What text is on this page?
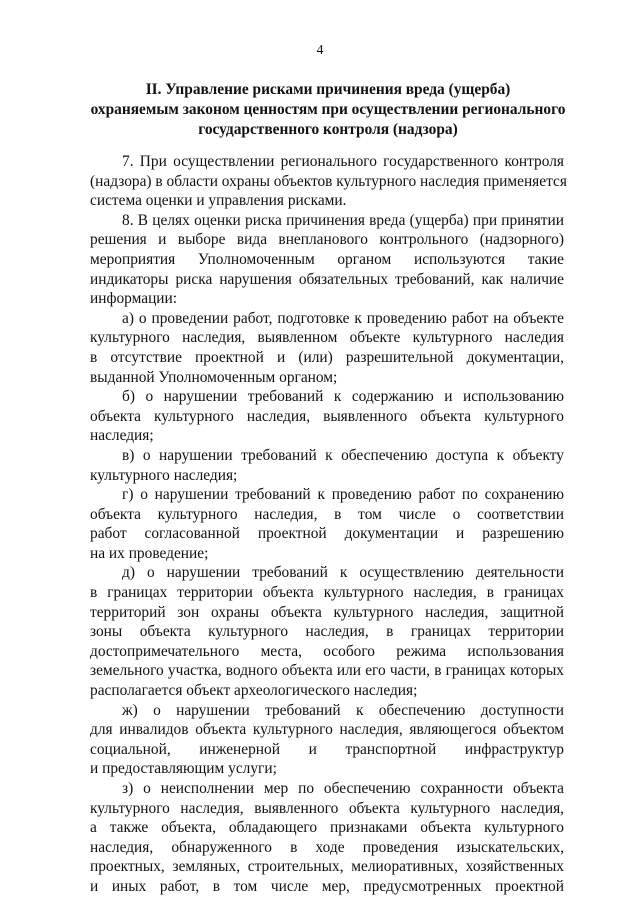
4
II. Управление рисками причинения вреда (ущерба)
охраняемым законом ценностям при осуществлении регионального
государственного контроля (надзора)

7. При осуществлении регионального государственного контроля
(надзора) в области охраны объектов культурного наследия применяется
система оценки и управления рисками.

8. В целях оценки риска причинения вреда (ущерба) при принятии
решения и выборе вида внепланового контрольного (надзорного)
мероприятия Уполномоченным органом используются такие
индикаторы риска нарушения обязательных требований, как наличие
информации:

а) о проведении работ, подготовке к проведению работ на объекте
культурного наследия, выявленном объекте культурного наследия
в отсутствие проектной и (или) разрешительной документации,
выданной Уполномоченным органом;

б) о нарушении требований к содержанию и использованию
объекта культурного наследия, выявленного объекта культурного
наследия;

в) о нарушении требований к обеспечению доступа к объекту
культурного наследия;

г) о нарушении требований к проведению работ по сохранению
объекта культурного наследия, в том числе о соответствии
работ согласованной проектной документации и разрешению
на их проведение;

д) о нарушении требований к осуществлению деятельности
в границах территории объекта культурного наследия, в границах
территорий зон охраны объекта культурного наследия, защитной
зоны объекта культурного наследия, в границах территории
достопримечательного места, особого режима использования
земельного участка, водного объекта или его части, в границах которых
располагается объект археологического наследия;

ж) о нарушении требований к обеспечению доступности
для инвалидов объекта культурного наследия, являющегося объектом
социальной, инженерной и транспортной инфраструктур
и предоставляющим услуги;

з) о неисполнении мер по обеспечению сохранности объекта
культурного наследия, выявленного объекта культурного наследия,
а также объекта, обладающего признаками объекта культурного
наследия, обнаруженного в ходе проведения изыскательских,
проектных, земляных, строительных, мелиоративных, хозяйственных
и иных работ, в том числе мер, предусмотренных проектной
